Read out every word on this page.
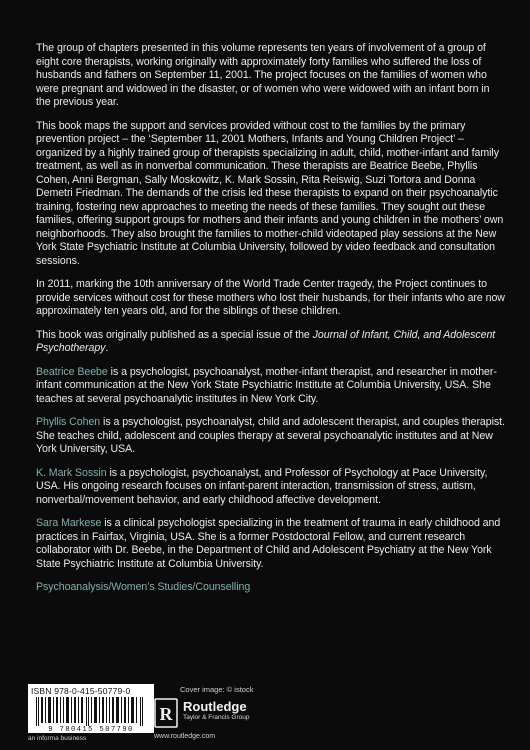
The group of chapters presented in this volume represents ten years of involvement of a group of eight core therapists, working originally with approximately forty families who suffered the loss of husbands and fathers on September 11, 2001. The project focuses on the families of women who were pregnant and widowed in the disaster, or of women who were widowed with an infant born in the previous year.

This book maps the support and services provided without cost to the families by the primary prevention project – the ‘September 11, 2001 Mothers, Infants and Young Children Project’ – organized by a highly trained group of therapists specializing in adult, child, mother-infant and family treatment, as well as in nonverbal communication. These therapists are Beatrice Beebe, Phyllis Cohen, Anni Bergman, Sally Moskowitz, K. Mark Sossin, Rita Reiswig, Suzi Tortora and Donna Demetri Friedman. The demands of the crisis led these therapists to expand on their psychoanalytic training, fostering new approaches to meeting the needs of these families. They sought out these families, offering support groups for mothers and their infants and young children in the mothers’ own neighborhoods. They also brought the families to mother-child videotaped play sessions at the New York State Psychiatric Institute at Columbia University, followed by video feedback and consultation sessions.

In 2011, marking the 10th anniversary of the World Trade Center tragedy, the Project continues to provide services without cost for these mothers who lost their husbands, for their infants who are now approximately ten years old, and for the siblings of these children.

This book was originally published as a special issue of the Journal of Infant, Child, and Adolescent Psychotherapy.

Beatrice Beebe is a psychologist, psychoanalyst, mother-infant therapist, and researcher in mother-infant communication at the New York State Psychiatric Institute at Columbia University, USA. She teaches at several psychoanalytic institutes in New York City.

Phyllis Cohen is a psychologist, psychoanalyst, child and adolescent therapist, and couples therapist. She teaches child, adolescent and couples therapy at several psychoanalytic institutes and at New York University, USA.

K. Mark Sossin is a psychologist, psychoanalyst, and Professor of Psychology at Pace University, USA. His ongoing research focuses on infant-parent interaction, transmission of stress, autism, nonverbal/movement behavior, and early childhood affective development.

Sara Markese is a clinical psychologist specializing in the treatment of trauma in early childhood and practices in Fairfax, Virginia, USA. She is a former Postdoctoral Fellow, and current research collaborator with Dr. Beebe, in the Department of Child and Adolescent Psychiatry at the New York State Psychiatric Institute at Columbia University.

Psychoanalysis/Women’s Studies/Counselling

ISBN 978-0-415-50779-0
9 780415 507790
an informa business
Cover image: © istock
R Routledge
Taylor & Francis Group
www.routledge.com
